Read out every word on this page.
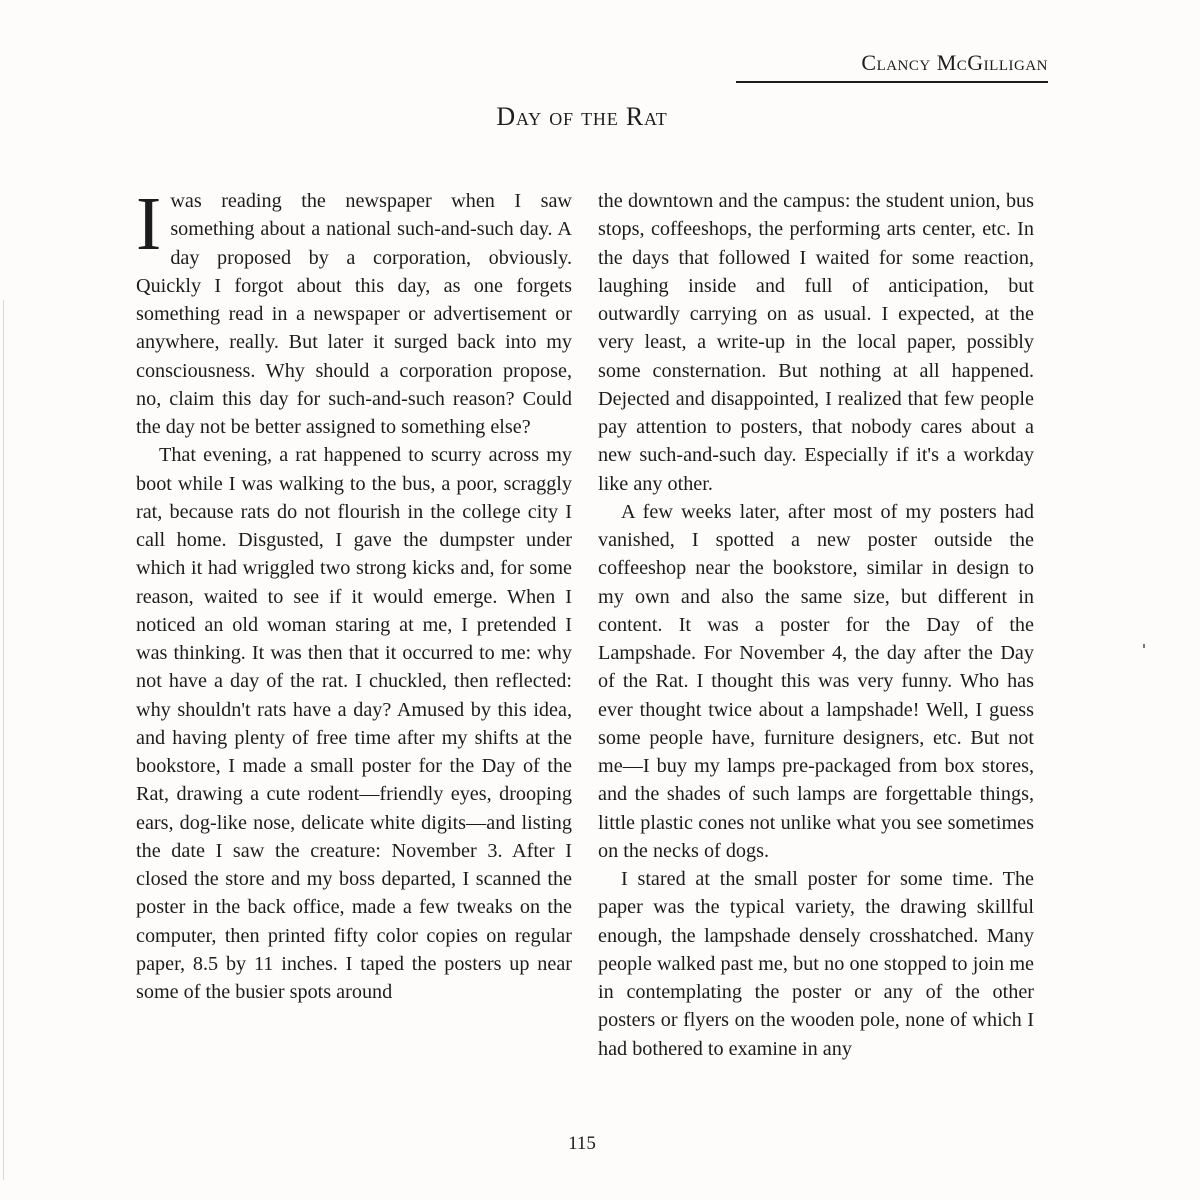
Clancy McGilligan
Day of the Rat

Iwas reading the newspaper when I saw something about a national such-and-such day. A day proposed by a corporation, obviously. Quickly I forgot about this day, as one forgets something read in a newspaper or advertisement or anywhere, really. But later it surged back into my consciousness. Why should a corporation propose, no, claim this day for such-and-such reason? Could the day not be better assigned to something else?

That evening, a rat happened to scurry across my boot while I was walking to the bus, a poor, scraggly rat, because rats do not flourish in the college city I call home. Disgusted, I gave the dumpster under which it had wriggled two strong kicks and, for some reason, waited to see if it would emerge. When I noticed an old woman staring at me, I pretended I was thinking. It was then that it occurred to me: why not have a day of the rat. I chuckled, then reflected: why shouldn't rats have a day? Amused by this idea, and having plenty of free time after my shifts at the bookstore, I made a small poster for the Day of the Rat, drawing a cute rodent—friendly eyes, drooping ears, dog-like nose, delicate white digits—and listing the date I saw the creature: November 3. After I closed the store and my boss departed, I scanned the poster in the back office, made a few tweaks on the computer, then printed fifty color copies on regular paper, 8.5 by 11 inches. I taped the posters up near some of the busier spots around

the downtown and the campus: the student union, bus stops, coffeeshops, the performing arts center, etc. In the days that followed I waited for some reaction, laughing inside and full of anticipation, but outwardly carrying on as usual. I expected, at the very least, a write-up in the local paper, possibly some consternation. But nothing at all happened. Dejected and disappointed, I realized that few people pay attention to posters, that nobody cares about a new such-and-such day. Especially if it's a workday like any other.

A few weeks later, after most of my posters had vanished, I spotted a new poster outside the coffeeshop near the bookstore, similar in design to my own and also the same size, but different in content. It was a poster for the Day of the Lampshade. For November 4, the day after the Day of the Rat. I thought this was very funny. Who has ever thought twice about a lampshade! Well, I guess some people have, furniture designers, etc. But not me—I buy my lamps pre-packaged from box stores, and the shades of such lamps are forgettable things, little plastic cones not unlike what you see sometimes on the necks of dogs.

I stared at the small poster for some time. The paper was the typical variety, the drawing skillful enough, the lampshade densely crosshatched. Many people walked past me, but no one stopped to join me in contemplating the poster or any of the other posters or flyers on the wooden pole, none of which I had bothered to examine in any

115
